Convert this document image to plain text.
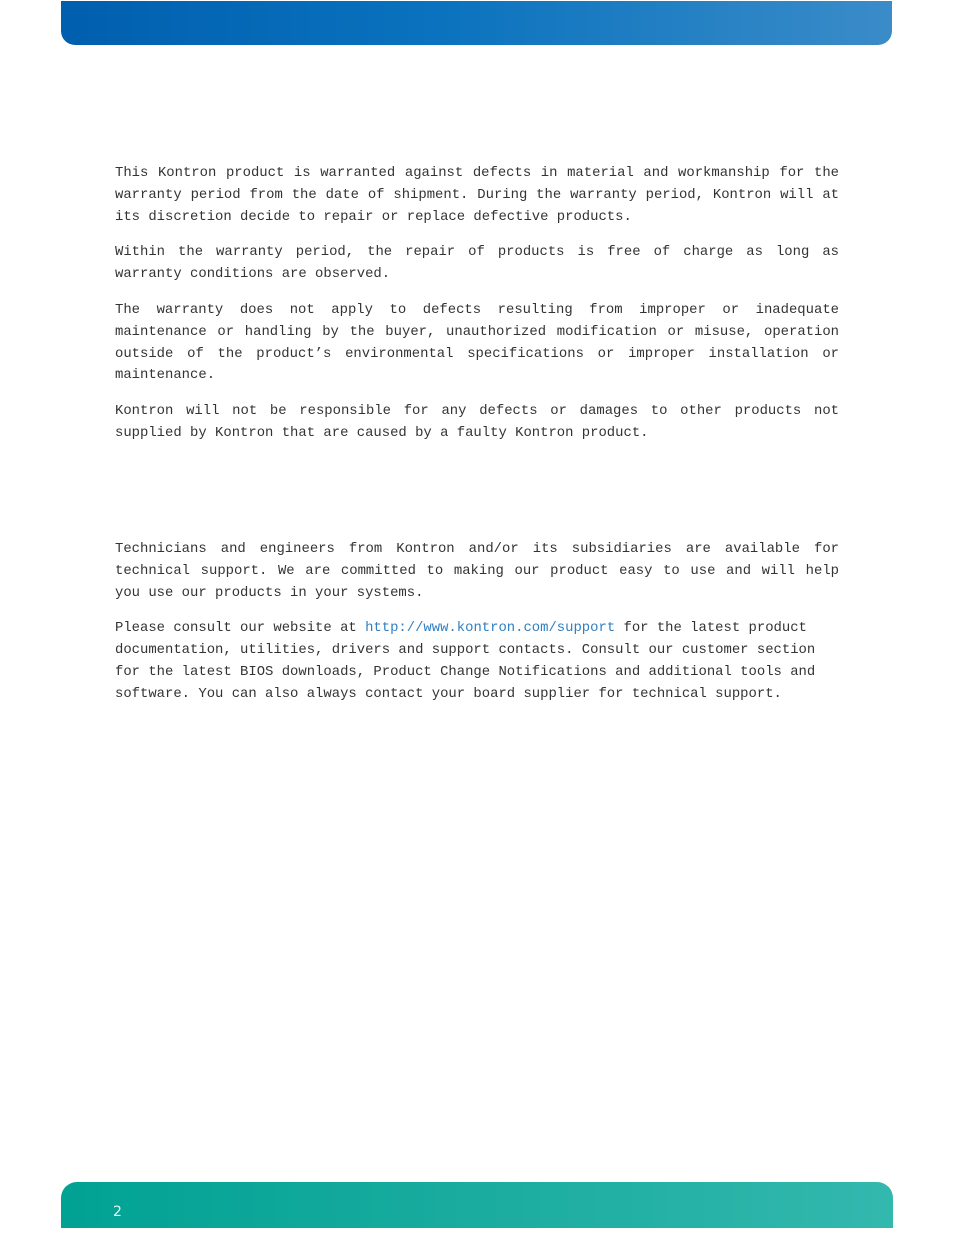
This Kontron product is warranted against defects in material and workmanship for the warranty period from the date of shipment. During the warranty period, Kontron will at its discretion decide to repair or replace defective products.

Within the warranty period, the repair of products is free of charge as long as warranty conditions are observed.

The warranty does not apply to defects resulting from improper or inadequate maintenance or handling by the buyer, unauthorized modification or misuse, operation outside of the product’s environmental specifications or improper installation or maintenance.

Kontron will not be responsible for any defects or damages to other products not supplied by Kontron that are caused by a faulty Kontron product.

Technicians and engineers from Kontron and/or its subsidiaries are available for technical support. We are committed to making our product easy to use and will help you use our products in your systems.

Please consult our website at http://www.kontron.com/support for the latest product documentation, utilities, drivers and support contacts. Consult our customer section for the latest BIOS downloads, Product Change Notifications and additional tools and software. You can also always contact your board supplier for technical support.

2
